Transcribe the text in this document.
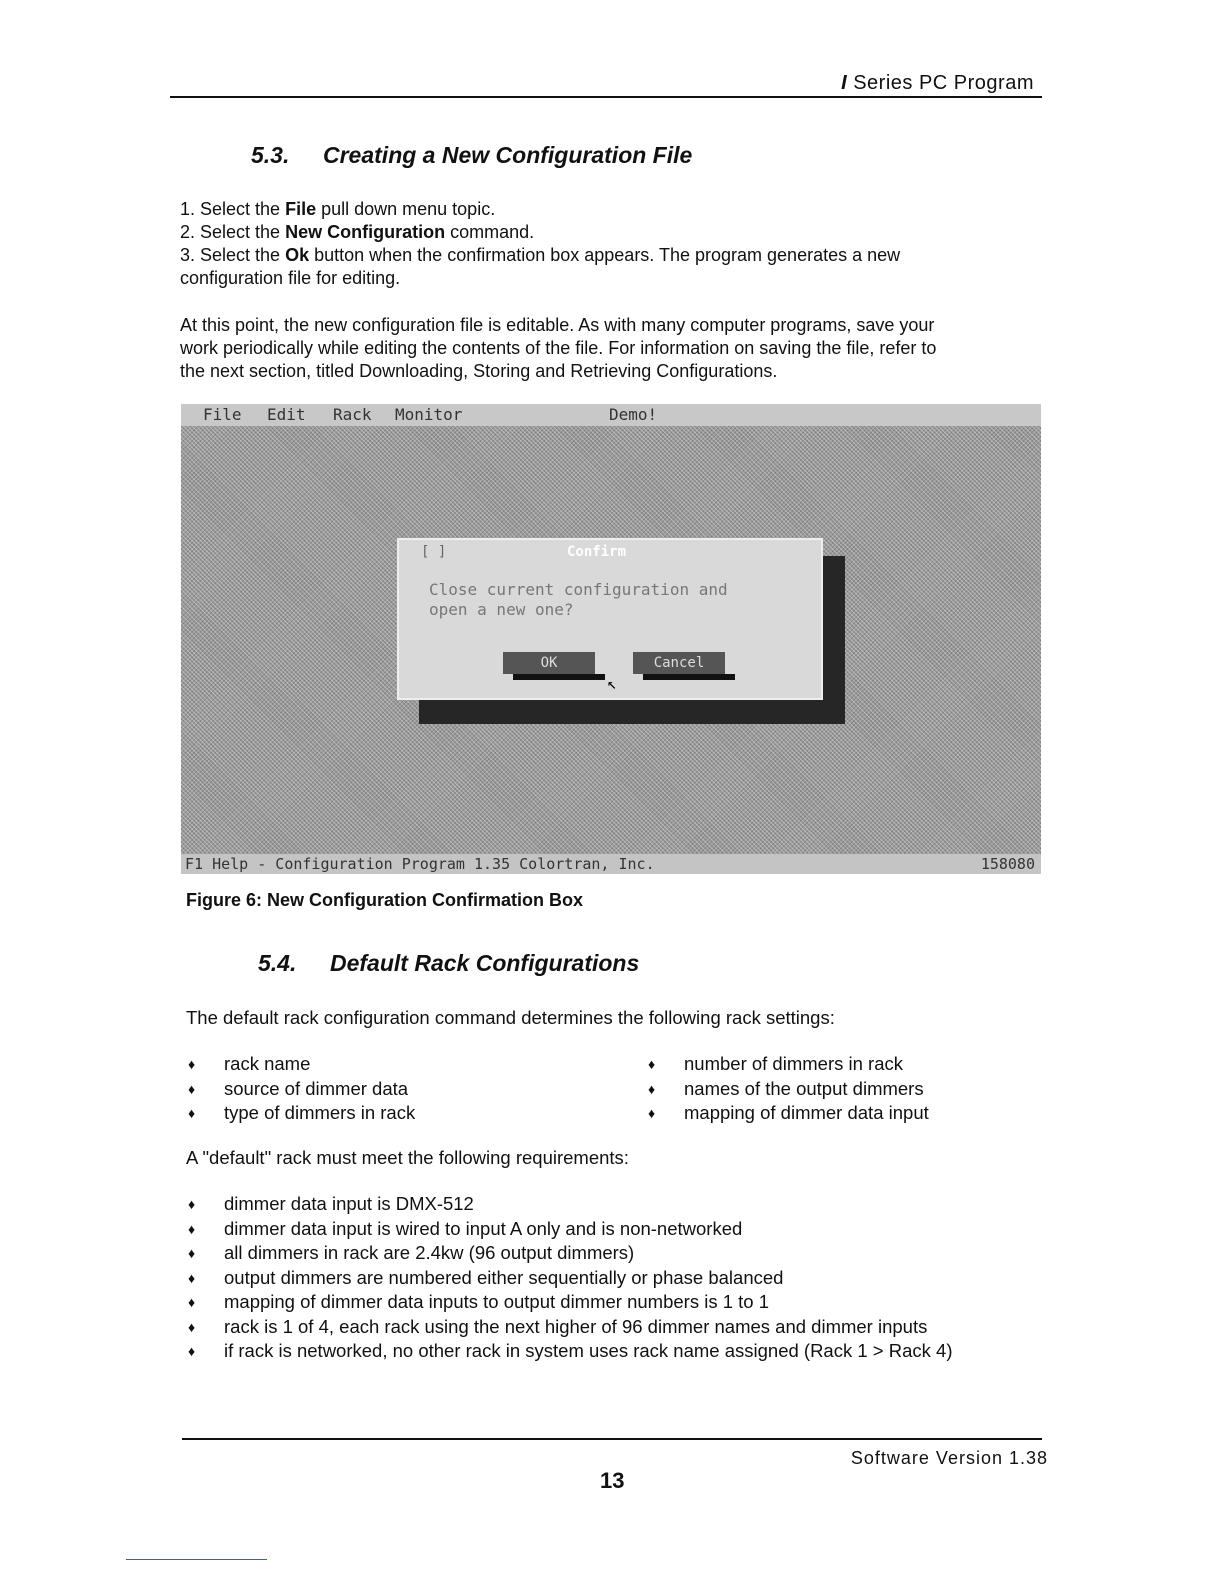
I Series PC Program
5.3. Creating a New Configuration File
1. Select the File pull down menu topic.
2. Select the New Configuration command.
3. Select the Ok button when the confirmation box appears. The program generates a new
configuration file for editing.
At this point, the new configuration file is editable. As with many computer programs, save your
work periodically while editing the contents of the file. For information on saving the file, refer to
the next section, titled Downloading, Storing and Retrieving Configurations.
File Edit Rack Monitor	Demo!
[ ]	Confirm
Close current configuration and
open a new one?
OK	Cancel
↖
F1 Help - Configuration Program 1.35 Colortran, Inc.	158080
Figure 6: New Configuration Confirmation Box
5.4. Default Rack Configurations
The default rack configuration command determines the following rack settings:
♦ rack name
♦ source of dimmer data
♦ type of dimmers in rack
♦ number of dimmers in rack
♦ names of the output dimmers
♦ mapping of dimmer data input
A "default" rack must meet the following requirements:
♦ dimmer data input is DMX-512
♦ dimmer data input is wired to input A only and is non-networked
♦ all dimmers in rack are 2.4kw (96 output dimmers)
♦ output dimmers are numbered either sequentially or phase balanced
♦ mapping of dimmer data inputs to output dimmer numbers is 1 to 1
♦ rack is 1 of 4, each rack using the next higher of 96 dimmer names and dimmer inputs
♦ if rack is networked, no other rack in system uses rack name assigned (Rack 1 > Rack 4)
Software Version 1.38
13
